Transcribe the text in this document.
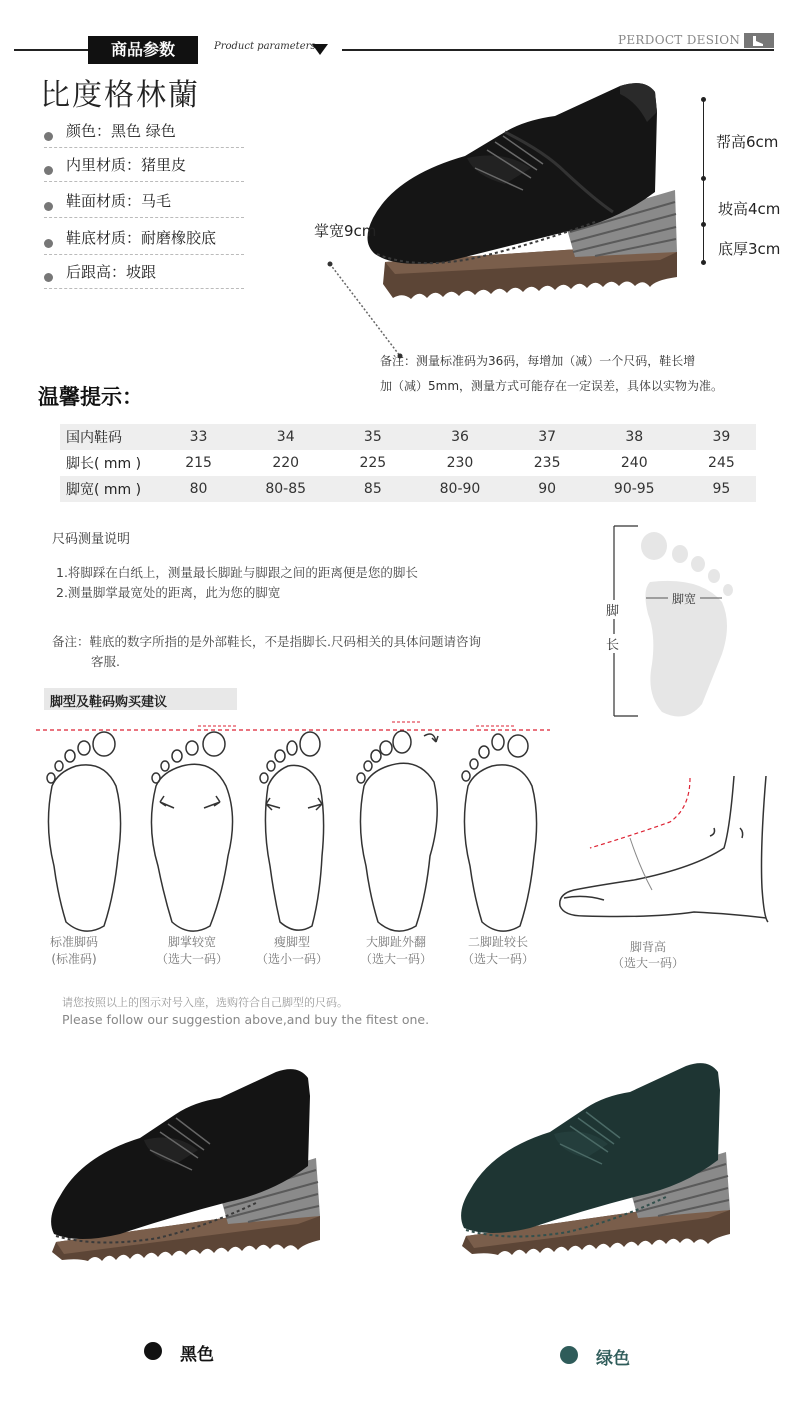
商品参数	Product parameters	PERDOCT DESION
比度格林蘭
颜色：黑色 绿色
内里材质：猪里皮
鞋面材质：马毛
鞋底材质：耐磨橡胶底
后跟高：坡跟
掌宽9cm
帮高6cm
坡高4cm
底厚3cm
备注：测量标准码为36码，每增加（减）一个尺码，鞋长增
加（减）5mm，测量方式可能存在一定误差，具体以实物为准。
温馨提示：
国内鞋码	33	34	35	36	37	38	39
脚长( mm )	215	220	225	230	235	240	245
脚宽( mm )	80	80-85	85	80-90	90	90-95	95
尺码测量说明
1.将脚踩在白纸上，测量最长脚趾与脚跟之间的距离便是您的脚长
2.测量脚掌最宽处的距离，此为您的脚宽
备注：鞋底的数字所指的是外部鞋长，不是指脚长.尺码相关的具体问题请咨询
客服.
脚宽
脚
长
脚型及鞋码购买建议
标准脚码
(标准码)
脚掌较宽
（选大一码）
瘦脚型
（选小一码）
大脚趾外翻
（选大一码）
二脚趾较长
（选大一码）
脚背高
（选大一码）
请您按照以上的图示对号入座，选购符合自己脚型的尺码。
Please follow our suggestion above,and buy the fitest one.
黑色	绿色
